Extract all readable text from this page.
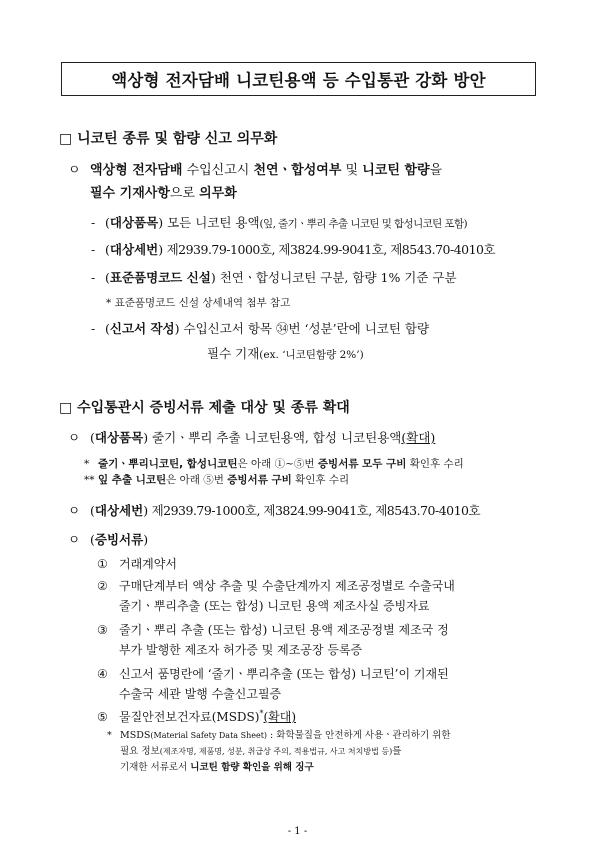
액상형 전자담배 니코틴용액 등 수입통관 강화 방안
□ 니코틴 종류 및 함량 신고 의무화
ㅇ 액상형 전자담배 수입신고시 천연ㆍ합성여부 및 니코틴 함량을
필수 기재사항으로 의무화
- (대상품목) 모든 니코틴 용액(잎, 줄기ㆍ뿌리 추출 니코틴 및 합성니코틴 포함)
- (대상세번) 제2939.79-1000호, 제3824.99-9041호, 제8543.70-4010호
- (표준품명코드 신설) 천연ㆍ합성니코틴 구분, 함량 1% 기준 구분
* 표준품명코드 신설 상세내역 첨부 참고
- (신고서 작성) 수입신고서 항목 ㉞번 ‘성분’란에 니코틴 함량
필수 기재(ex. ‘니코틴함량 2%’)
□ 수입통관시 증빙서류 제출 대상 및 종류 확대
ㅇ (대상품목) 줄기ㆍ뿌리 추출 니코틴용액, 합성 니코틴용액(확대)
* 줄기ㆍ뿌리니코틴, 합성니코틴은 아래 ①~⑤번 증빙서류 모두 구비 확인후 수리
** 잎 추출 니코틴은 아래 ⑤번 증빙서류 구비 확인후 수리
ㅇ (대상세번) 제2939.79-1000호, 제3824.99-9041호, 제8543.70-4010호
ㅇ (증빙서류)
① 거래계약서
② 구매단계부터 액상 추출 및 수출단계까지 제조공정별로 수출국내
줄기ㆍ뿌리추출 (또는 합성) 니코틴 용액 제조사실 증빙자료
③ 줄기ㆍ뿌리 추출 (또는 합성) 니코틴 용액 제조공정별 제조국 정
부가 발행한 제조자 허가증 및 제조공장 등록증
④ 신고서 품명란에 ‘줄기ㆍ뿌리추출 (또는 합성) 니코틴’이 기재된
수출국 세관 발행 수출신고필증
⑤ 물질안전보건자료(MSDS)*(확대)
* MSDS(Material Safety Data Sheet) : 화학물질을 안전하게 사용ㆍ관리하기 위한
필요 정보(제조자명, 제품명, 성분, 취급상 주의, 적용법규, 사고 처치방법 등)를
기재한 서류로서 니코틴 함량 확인을 위해 징구
- 1 -
